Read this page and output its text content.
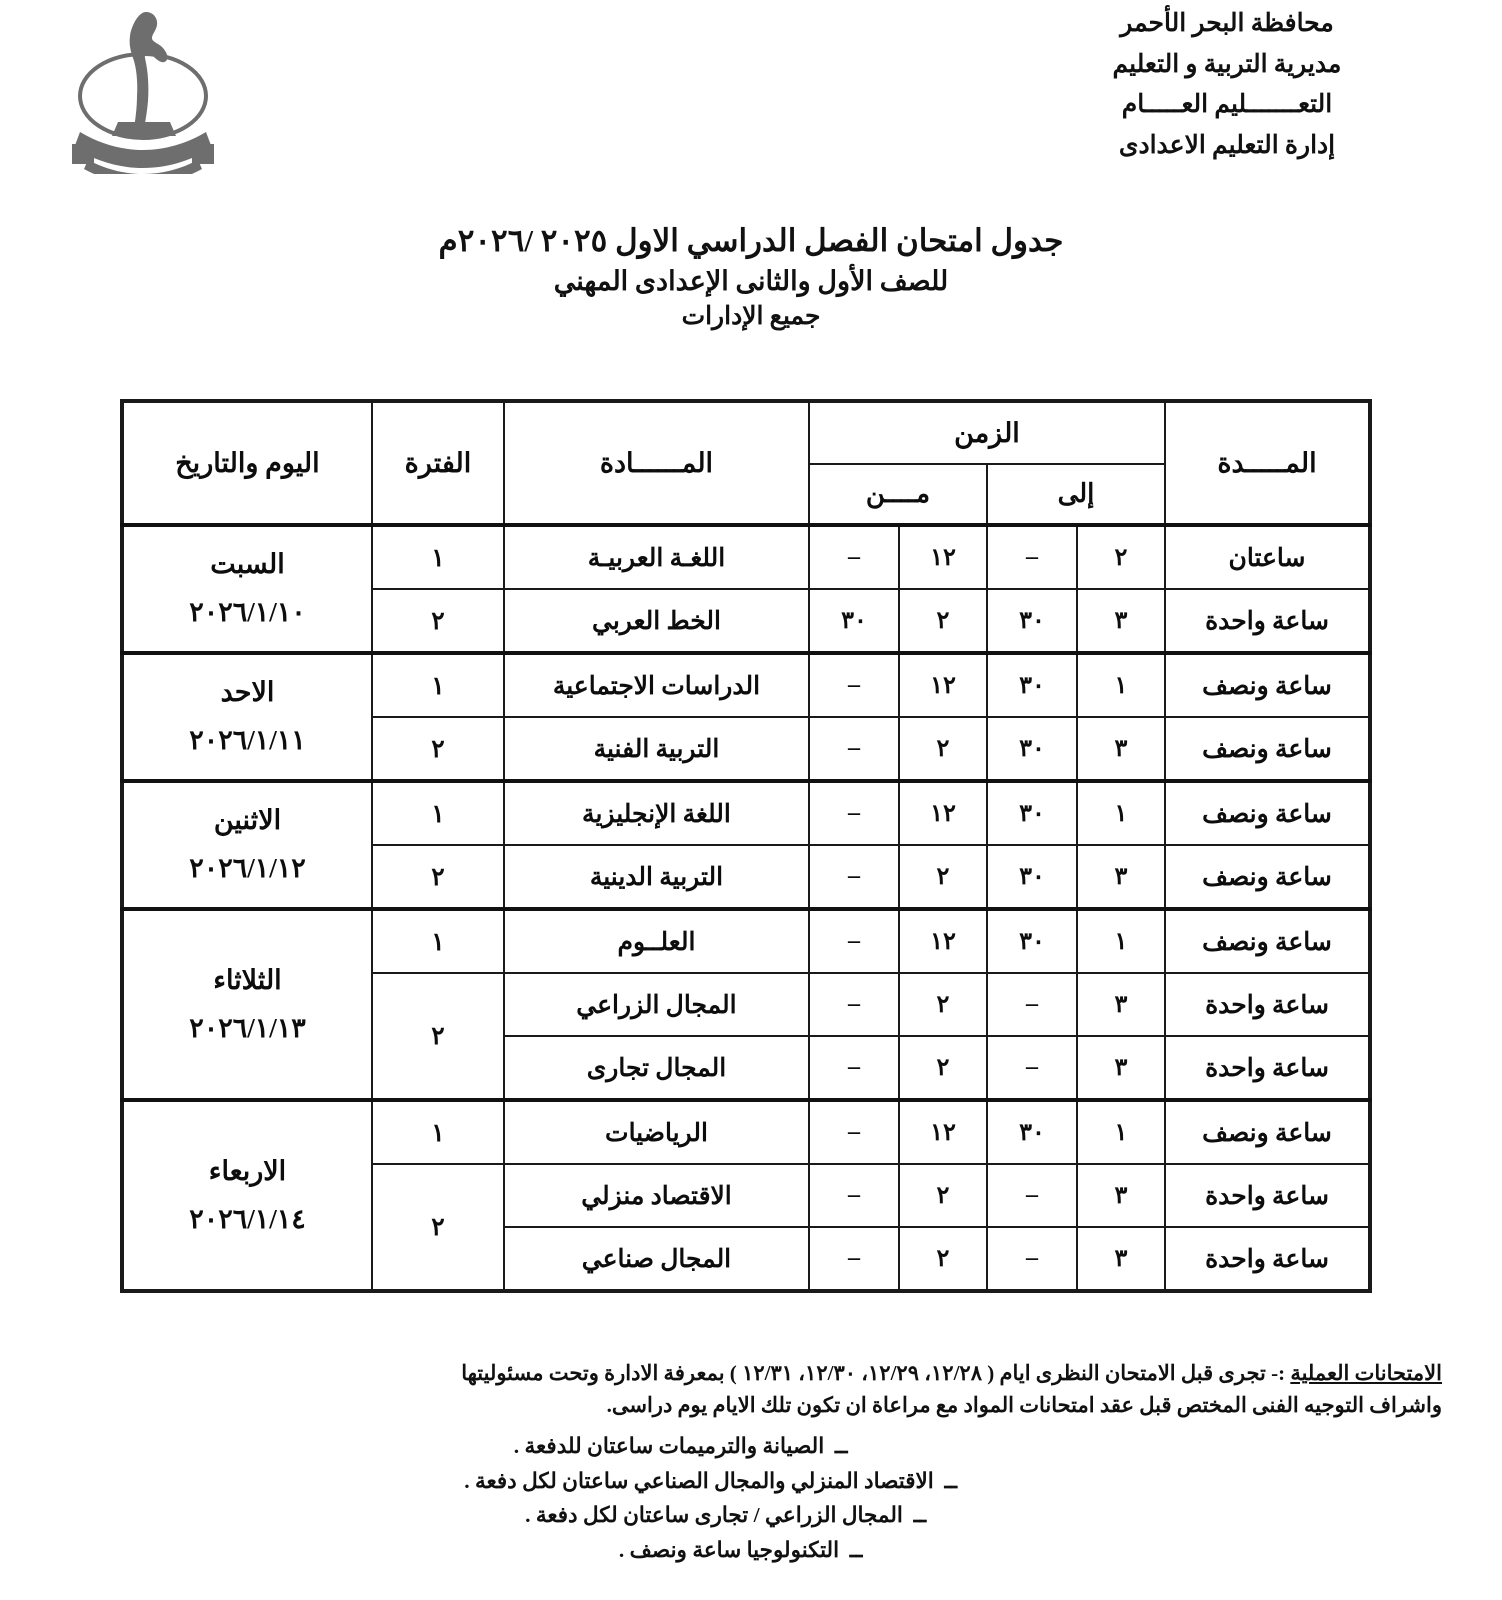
محافظة البحر الأحمر
مديرية التربية و التعليم
التعـــــــليم العـــــام
إدارة التعليم الاعدادى
جدول امتحان الفصل الدراسي الاول ٢٠٢٥ /٢٠٢٦م
للصف الأول والثانى الإعدادى المهني
جميع الإدارات
المـــــدة	الزمن				المــــــادة	الفترة	اليوم والتاريخ
	إلى		مــــن				
ساعتان	٢	–	١٢	–	اللغـة العربيـة	١	السبت
٢٠٢٦/١/١٠

ساعة واحدة	٣	٣٠	٢	٣٠	الخط العربي	٢	
ساعة ونصف	١	٣٠	١٢	–	الدراسات الاجتماعية	١	الاحد
٢٠٢٦/١/١١

ساعة ونصف	٣	٣٠	٢	–	التربية الفنية	٢	
ساعة ونصف	١	٣٠	١٢	–	اللغة الإنجليزية	١	الاثنين
٢٠٢٦/١/١٢

ساعة ونصف	٣	٣٠	٢	–	التربية الدينية	٢	
ساعة ونصف	١	٣٠	١٢	–	العلــوم	١	الثلاثاء
٢٠٢٦/١/١٣

ساعة واحدة	٣	–	٢	–	المجال الزراعي	٢	
ساعة واحدة	٣	–	٢	–	المجال تجارى		
ساعة ونصف	١	٣٠	١٢	–	الرياضيات	١	الاربعاء
٢٠٢٦/١/١٤

ساعة واحدة	٣	–	٢	–	الاقتصاد منزلي	٢	
ساعة واحدة	٣	–	٢	–	المجال صناعي		
الامتحانات العملية :- تجرى قبل الامتحان النظرى ايام ( ١٢/٢٨، ١٢/٢٩، ١٢/٣٠، ١٢/٣١ ) بمعرفة الادارة وتحت مسئوليتها
واشراف التوجيه الفنى المختص قبل عقد امتحانات المواد مع مراعاة ان تكون تلك الايام يوم دراسى.
ــالصيانة والترميمات ساعتان للدفعة .
ــالاقتصاد المنزلي والمجال الصناعي ساعتان لكل دفعة .
ــالمجال الزراعي / تجارى ساعتان لكل دفعة .
ــالتكنولوجيا ساعة ونصف .
